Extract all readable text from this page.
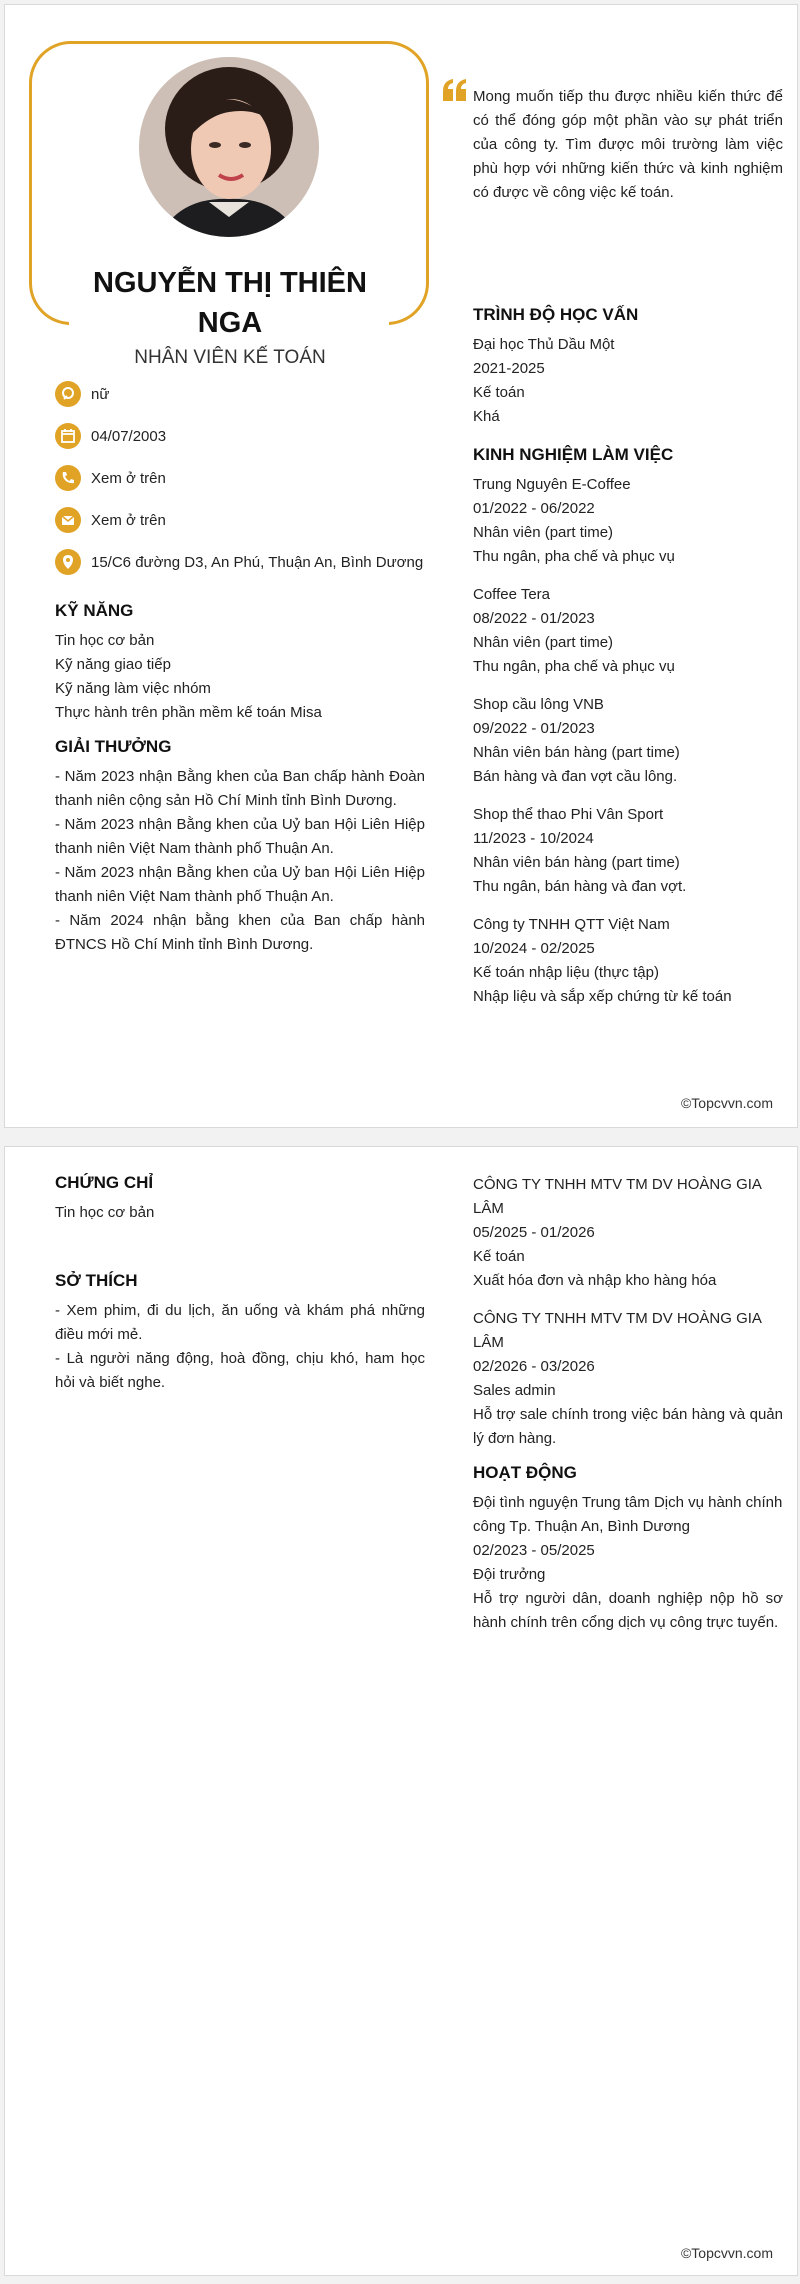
NGUYỄN THỊ THIÊN NGA
NHÂN VIÊN KẾ TOÁN
nữ
04/07/2003
Xem ở trên
Xem ở trên
15/C6 đường D3, An Phú, Thuận An, Bình Dương
KỸ NĂNG

Tin học cơ bản

Kỹ năng giao tiếp

Kỹ năng làm việc nhóm

Thực hành trên phần mềm kế toán Misa

GIẢI THƯỞNG

- Năm 2023 nhận Bằng khen của Ban chấp hành Đoàn thanh niên cộng sản Hồ Chí Minh tỉnh Bình Dương.

- Năm 2023 nhận Bằng khen của Uỷ ban Hội Liên Hiệp thanh niên Việt Nam thành phố Thuận An.

- Năm 2023 nhận Bằng khen của Uỷ ban Hội Liên Hiệp thanh niên Việt Nam thành phố Thuận An.

- Năm 2024 nhận bằng khen của Ban chấp hành ĐTNCS Hồ Chí Minh tỉnh Bình Dương.

Mong muốn tiếp thu được nhiều kiến thức để có thể đóng góp một phần vào sự phát triển của công ty. Tìm được môi trường làm việc phù hợp với những kiến thức và kinh nghiệm có được về công việc kế toán.
TRÌNH ĐỘ HỌC VẤN

Đại học Thủ Dầu Một

2021-2025

Kế toán

Khá

KINH NGHIỆM LÀM VIỆC

Trung Nguyên E-Coffee

01/2022 - 06/2022

Nhân viên (part time)

Thu ngân, pha chế và phục vụ

Coffee Tera

08/2022 - 01/2023

Nhân viên (part time)

Thu ngân, pha chế và phục vụ

Shop cầu lông VNB

09/2022 - 01/2023

Nhân viên bán hàng (part time)

Bán hàng và đan vợt cầu lông.

Shop thể thao Phi Vân Sport

11/2023 - 10/2024

Nhân viên bán hàng (part time)

Thu ngân, bán hàng và đan vợt.

Công ty TNHH QTT Việt Nam

10/2024 - 02/2025

Kế toán nhập liệu (thực tập)

Nhập liệu và sắp xếp chứng từ kế toán

©Topcvvn.com
CHỨNG CHỈ

Tin học cơ bản

SỞ THÍCH

- Xem phim, đi du lịch, ăn uống và khám phá những điều mới mẻ.

- Là người năng động, hoà đồng, chịu khó, ham học hỏi và biết nghe.

CÔNG TY TNHH MTV TM DV HOÀNG GIA LÂM

05/2025 - 01/2026

Kế toán

Xuất hóa đơn và nhập kho hàng hóa

CÔNG TY TNHH MTV TM DV HOÀNG GIA LÂM

02/2026 - 03/2026

Sales admin

Hỗ trợ sale chính trong việc bán hàng và quản lý đơn hàng.

HOẠT ĐỘNG

Đội tình nguyện Trung tâm Dịch vụ hành chính công Tp. Thuận An, Bình Dương

02/2023 - 05/2025

Đội trưởng

Hỗ trợ người dân, doanh nghiệp nộp hồ sơ hành chính trên cổng dịch vụ công trực tuyến.

©Topcvvn.com
